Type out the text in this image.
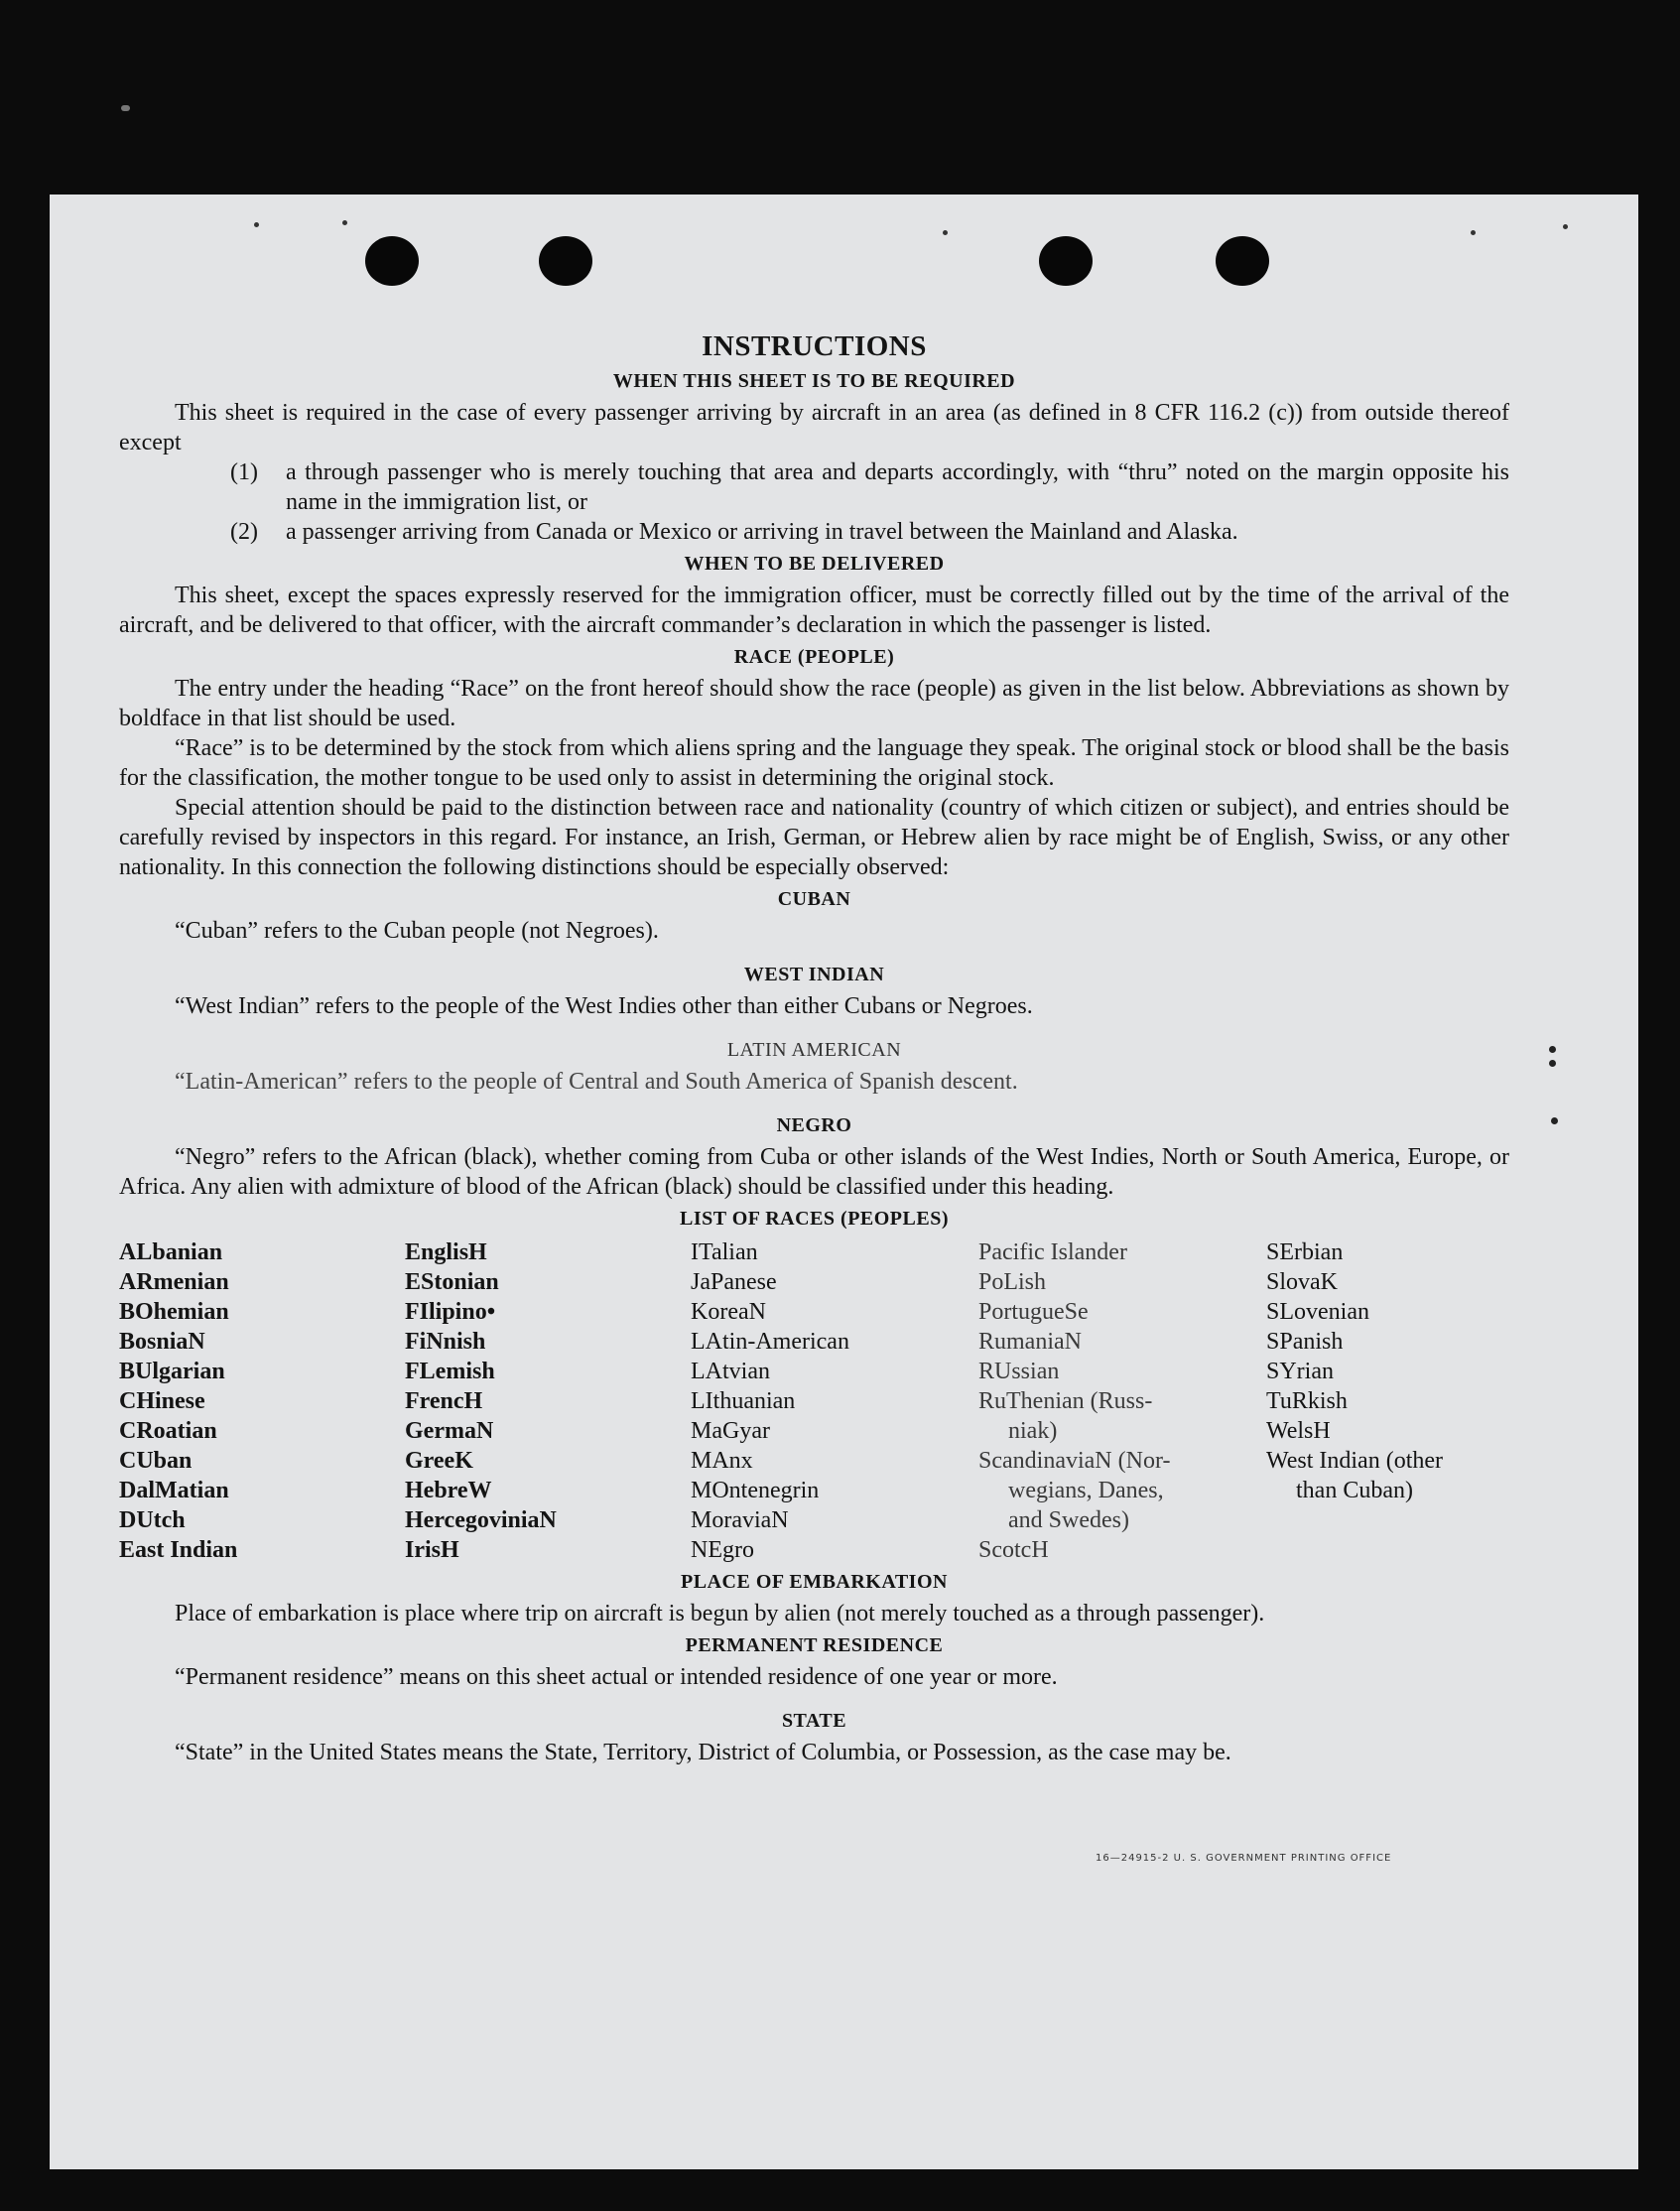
INSTRUCTIONS
WHEN THIS SHEET IS TO BE REQUIRED

This sheet is required in the case of every passenger arriving by aircraft in an area (as defined in 8 CFR 116.2 (c)) from outside thereof except

(1)	a through passenger who is merely touching that area and departs accordingly, with “thru” noted on the margin opposite his name in the immigration list, or
(2)	a passenger arriving from Canada or Mexico or arriving in travel between the Mainland and Alaska.
WHEN TO BE DELIVERED

This sheet, except the spaces expressly reserved for the immigration officer, must be correctly filled out by the time of the arrival of the aircraft, and be delivered to that officer, with the aircraft commander’s declaration in which the passenger is listed.

RACE (PEOPLE)

The entry under the heading “Race” on the front hereof should show the race (people) as given in the list below. Abbreviations as shown by boldface in that list should be used.

“Race” is to be determined by the stock from which aliens spring and the language they speak. The original stock or blood shall be the basis for the classification, the mother tongue to be used only to assist in determining the original stock.

Special attention should be paid to the distinction between race and nationality (country of which citizen or subject), and entries should be carefully revised by inspectors in this regard. For instance, an Irish, German, or Hebrew alien by race might be of English, Swiss, or any other nationality. In this connection the following distinctions should be especially observed:

CUBAN

“Cuban” refers to the Cuban people (not Negroes).

WEST INDIAN

“West Indian” refers to the people of the West Indies other than either Cubans or Negroes.

LATIN AMERICAN

“Latin-American” refers to the people of Central and South America of Spanish descent.

NEGRO

“Negro” refers to the African (black), whether coming from Cuba or other islands of the West Indies, North or South America, Europe, or Africa. Any alien with admixture of blood of the African (black) should be classified under this heading.

LIST OF RACES (PEOPLES)
ALbanian
ARmenian
BOhemian
BosniaN
BUlgarian
CHinese
CRoatian
CUban
DalMatian
DUtch
East Indian
EnglisH
EStonian
FIlipino•
FiNnish
FLemish
FrencH
GermaN
GreeK
HebreW
HercegoviniaN
IrisH
ITalian
JaPanese
KoreaN
LAtin-American
LAtvian
LIthuanian
MaGyar
MAnx
MOntenegrin
MoraviaN
NEgro
Pacific Islander
PoLish
PortugueSe
RumaniaN
RUssian
RuThenian (Russ-
niak)
ScandinaviaN (Nor-
wegians, Danes,
and Swedes)
ScotcH
SErbian
SlovaK
SLovenian
SPanish
SYrian
TuRkish
WelsH
West Indian (other
than Cuban)
PLACE OF EMBARKATION

Place of embarkation is place where trip on aircraft is begun by alien (not merely touched as a through passenger).

PERMANENT RESIDENCE

“Permanent residence” means on this sheet actual or intended residence of one year or more.

STATE

“State” in the United States means the State, Territory, District of Columbia, or Possession, as the case may be.

16—24915-2 U. S. GOVERNMENT PRINTING OFFICE
